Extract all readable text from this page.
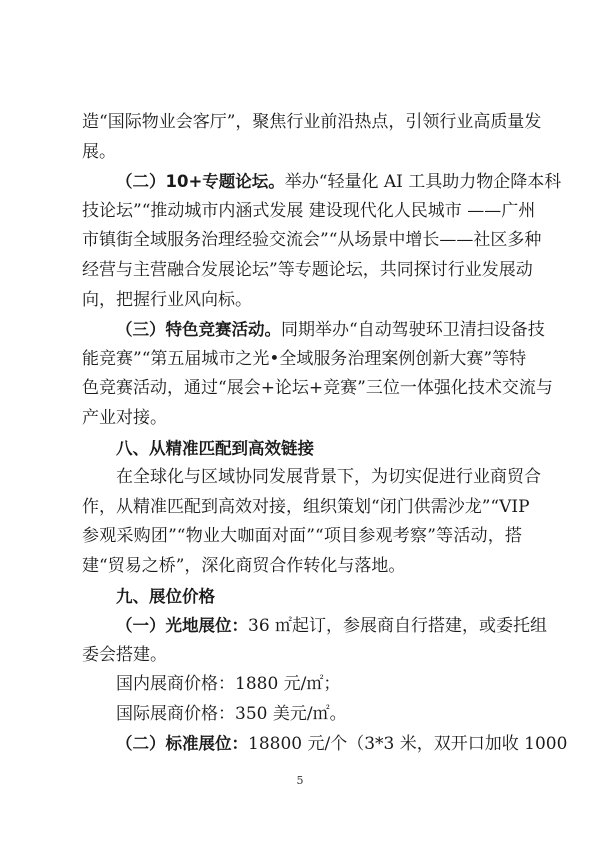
造“国际物业会客厅”，聚焦行业前沿热点，引领行业高质量发
展。
（二）10+专题论坛。举办“轻量化 AI 工具助力物企降本科
技论坛”“推动城市内涵式发展 建设现代化人民城市 ——广州
市镇街全域服务治理经验交流会”“从场景中增长——社区多种
经营与主营融合发展论坛”等专题论坛，共同探讨行业发展动
向，把握行业风向标。
（三）特色竞赛活动。同期举办“自动驾驶环卫清扫设备技
能竞赛”“第五届城市之光•全域服务治理案例创新大赛”等特
色竞赛活动，通过“展会+论坛+竞赛”三位一体强化技术交流与
产业对接。
八、从精准匹配到高效链接
在全球化与区域协同发展背景下，为切实促进行业商贸合
作，从精准匹配到高效对接，组织策划“闭门供需沙龙”“VIP
参观采购团”“物业大咖面对面”“项目参观考察”等活动，搭
建“贸易之桥”，深化商贸合作转化与落地。
九、展位价格
（一）光地展位：36 ㎡起订，参展商自行搭建，或委托组
委会搭建。
国内展商价格：1880 元/㎡；
国际展商价格：350 美元/㎡。
（二）标准展位：18800 元/个（3*3 米，双开口加收 1000
5
